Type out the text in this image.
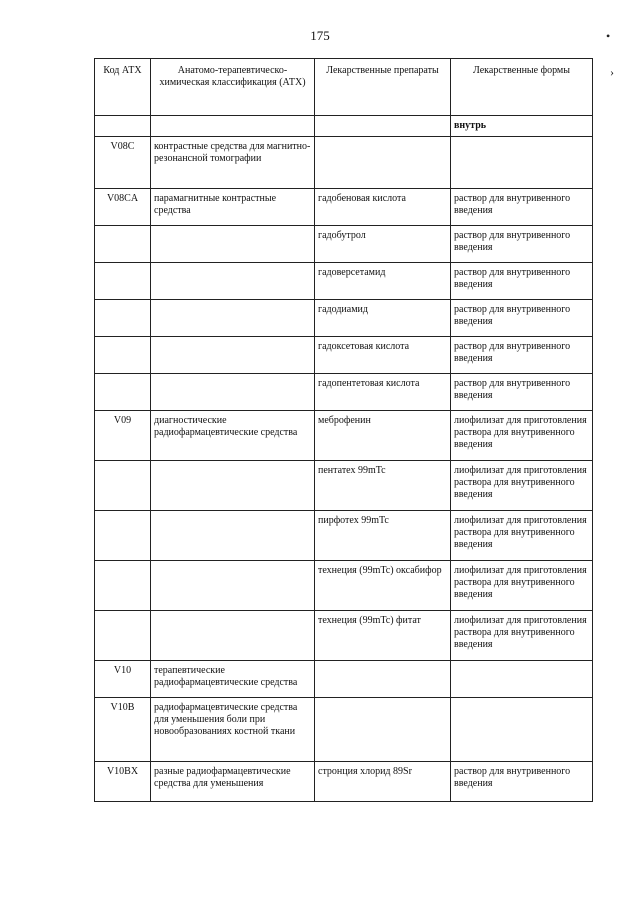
175	•
›
Код АТХ	Анатомо-терапевтическо-химическая классификация (АТХ)	Лекарственные препараты	Лекарственные формы
			внутрь
V08C	контрастные средства для магнитно-резонансной томографии		
V08CA	парамагнитные контрастные средства	гадобеновая кислота	раствор для внутривенного введения
		гадобутрол	раствор для внутривенного введения
		гадоверсетамид	раствор для внутривенного введения
		гадодиамид	раствор для внутривенного введения
		гадоксетовая кислота	раствор для внутривенного введения
		гадопентетовая кислота	раствор для внутривенного введения
V09	диагностические радиофармацевтические средства	меброфенин	лиофилизат для приготовления раствора для внутривенного введения
		пентатех 99mTc	лиофилизат для приготовления раствора для внутривенного введения
		пирфотех 99mTc	лиофилизат для приготовления раствора для внутривенного введения
		технеция (99mTc) оксабифор	лиофилизат для приготовления раствора для внутривенного введения
		технеция (99mTc) фитат	лиофилизат для приготовления раствора для внутривенного введения
V10	терапевтические радиофармацевтические средства		
V10B	радиофармацевтические средства для уменьшения боли при новообразованиях костной ткани		
V10BX	разные радиофармацевтические средства для уменьшения	стронция хлорид 89Sr	раствор для внутривенного введения
